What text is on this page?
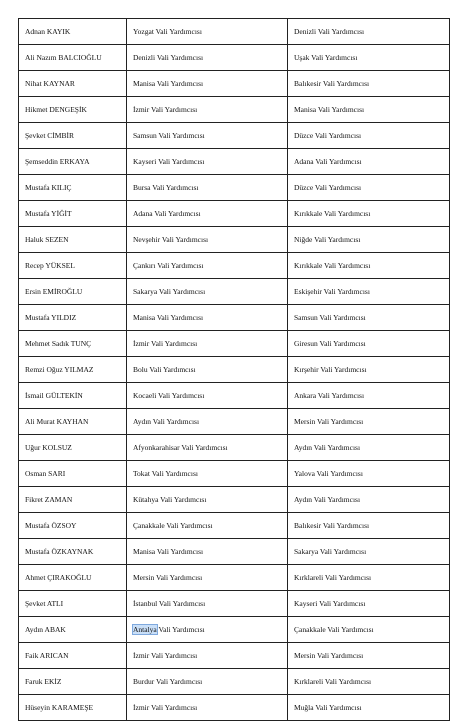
Adnan KAYIK	Yozgat Vali Yardımcısı	Denizli Vali Yardımcısı
Ali Nazım BALCIOĞLU	Denizli Vali Yardımcısı	Uşak Vali Yardımcısı
Nihat KAYNAR	Manisa Vali Yardımcısı	Balıkesir Vali Yardımcısı
Hikmet DENGEŞİK	İzmir Vali Yardımcısı	Manisa Vali Yardımcısı
Şevket CİMBİR	Samsun Vali Yardımcısı	Düzce Vali Yardımcısı
Şemseddin ERKAYA	Kayseri Vali Yardımcısı	Adana Vali Yardımcısı
Mustafa KILIÇ	Bursa Vali Yardımcısı	Düzce Vali Yardımcısı
Mustafa YİĞİT	Adana Vali Yardımcısı	Kırıkkale Vali Yardımcısı
Haluk SEZEN	Nevşehir Vali Yardımcısı	Niğde Vali Yardımcısı
Recep YÜKSEL	Çankırı Vali Yardımcısı	Kırıkkale Vali Yardımcısı
Ersin EMİROĞLU	Sakarya Vali Yardımcısı	Eskişehir Vali Yardımcısı
Mustafa YILDIZ	Manisa Vali Yardımcısı	Samsun Vali Yardımcısı
Mehmet Sadık TUNÇ	İzmir Vali Yardımcısı	Giresun Vali Yardımcısı
Remzi Oğuz YILMAZ	Bolu Vali Yardımcısı	Kırşehir Vali Yardımcısı
İsmail GÜLTEKİN	Kocaeli Vali Yardımcısı	Ankara Vali Yardımcısı
Ali Murat KAYHAN	Aydın Vali Yardımcısı	Mersin Vali Yardımcısı
Uğur KOLSUZ	Afyonkarahisar Vali Yardımcısı	Aydın Vali Yardımcısı
Osman SARI	Tokat Vali Yardımcısı	Yalova Vali Yardımcısı
Fikret ZAMAN	Kütahya Vali Yardımcısı	Aydın Vali Yardımcısı
Mustafa ÖZSOY	Çanakkale Vali Yardımcısı	Balıkesir Vali Yardımcısı
Mustafa ÖZKAYNAK	Manisa Vali Yardımcısı	Sakarya Vali Yardımcısı
Ahmet ÇIRAKOĞLU	Mersin Vali Yardımcısı	Kırklareli Vali Yardımcısı
Şevket ATLI	İstanbul Vali Yardımcısı	Kayseri Vali Yardımcısı
Aydın ABAK	Antalya Vali Yardımcısı	Çanakkale Vali Yardımcısı
Faik ARICAN	İzmir Vali Yardımcısı	Mersin Vali Yardımcısı
Faruk EKİZ	Burdur Vali Yardımcısı	Kırklareli Vali Yardımcısı
Hüseyin KARAMEŞE	İzmir Vali Yardımcısı	Muğla Vali Yardımcısı
